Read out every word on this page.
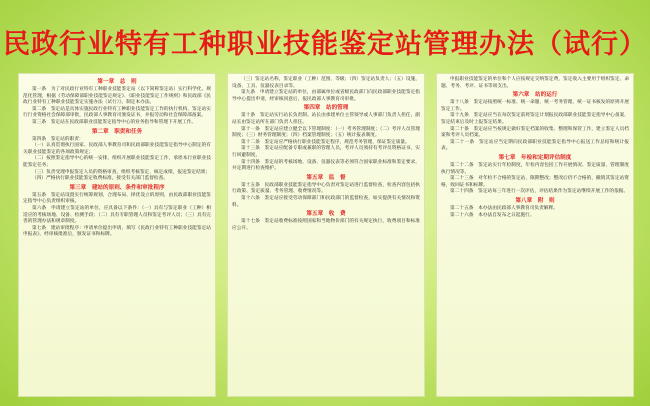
民政行业特有工种职业技能鉴定站管理办法（试行）
第一章　总　则
第一条　为了对民政行业特有工种职业技能鉴定站（以下简称鉴定站）实行科学化、规范化管理，根据《劳动保障部职业技能鉴定规定》、《职业技能鉴定工作规则》和民政部《民政行业特有工种职业技能鉴定实施办法（试行）》，制定本办法。
第二条　鉴定站是具体实施民政行业特有工种职业技能鉴定工作的执行机构，鉴定站实行行业资格社会保障部审批，民政部人事教育司颁发证书，并报劳动和社会保障部备案。
第三条　鉴定站在民政部职业技能鉴定指导中心的业务指导和管理下开展工作。
第二章　职责和任务
第四条　鉴定站的职责：
（一）认真贯彻执行国家、民政部人事教育司和民政部职业技能鉴定指导中心制定的有关职业技能鉴定的各项政策规定；
（二）按照鉴定指导中心的统一安排，组织开展职业技能鉴定工作，承担本行业职业技能鉴定任务；
（三）负责受理申报鉴定人员的资格审查，组织考核鉴定，核定成绩，报送鉴定结果；
（四）严格执行职业技能鉴定收费标准，接受有关部门监督检查。
第三章　建站的原则、条件和审批程序
第五条　鉴定站设置实行统筹规划、合理布局、择优设立的原则，由民政部职业技能鉴定指导中心负责组织审核。
第六条　申请建立鉴定站的单位，应具备以下条件：（一）具有与鉴定职业（工种）相适应的考核场地、设备、检测手段；（二）具有专职管理人员和鉴定考评人员；（三）具有完善的管理办法和规章制度。
第七条　建站审批程序：申请单位提出申请，填写《民政行业特有工种职业技能鉴定站申报表》，经审核批准后，颁发证书和标牌。
（三）鉴定站名称，鉴定职业（工种）范围、等级；（四）鉴定站负责人；（五）设施、设备、工具、仪器仪表目录等。
第九条　申请建立鉴定站的单位，由部属单位或省级民政部门向民政部职业技能鉴定指导中心提出申请，经审核同意后，报民政部人事教育司审批。
第四章　站的管理
第十条　鉴定站实行站长负责制。站长由承建单位主管领导或人事部门负责人担任，副站长由鉴定站所在部门负责人担任。
第十一条　鉴定站应建立健全以下管理制度：（一）考务管理制度；（二）考评人员管理制度；（三）财务管理制度；（四）档案管理制度；（五）统计报表制度。
第十二条　鉴定站应严格执行职业技能鉴定程序，规范考务管理，保证鉴定质量。
第十三条　鉴定站应配备专职或兼职的管理人员，考评人员须持有考评员资格证书，实行回避制度。
第十四条　鉴定站的考核场地、设备、仪器仪表等必须符合国家职业标准和鉴定要求，并定期进行检查维护。
第五章　监　督
第十五条　民政部职业技能鉴定指导中心负责对鉴定站进行监督检查，检查内容包括执行政策、鉴定质量、考务管理、收费情况等。
第十六条　鉴定站应接受劳动保障部门和民政部门的监督检查，如实提供有关情况和资料。
第五章　收　费
第十七条　鉴定站收费标准按照国家和当地物价部门的有关规定执行，收费项目和标准应公开。
申报职业技能鉴定的单位和个人应按规定交纳鉴定费，鉴定收入主要用于组织鉴定、命题、考务、考评、证书等项支出。
第六章　站的运行
第十八条　鉴定站按照统一标准、统一命题、统一考务管理、统一证书核发的原则开展鉴定工作。
第十九条　鉴定站应当在每次鉴定前将鉴定计划报民政部职业技能鉴定指导中心备案，鉴定结束后及时上报鉴定结果。
第二十条　鉴定站应当按规定做好鉴定档案的收集、整理和保管工作，建立鉴定人员档案和考评人员档案。
第二十一条　鉴定站应当定期向民政部职业技能鉴定指导中心报送工作总结和统计报表。
第七章　年检和定期评估制度
第二十二条　鉴定站实行年检制度，年检内容包括工作开展情况、鉴定质量、管理制度执行情况等。
第二十三条　对年检不合格的鉴定站，限期整改；整改后仍不合格的，撤销其鉴定站资格，收回证书和标牌。
第二十四条　鉴定站每三年进行一次评估，评估结果作为鉴定站继续开展工作的依据。
第八章　附　则
第二十五条　本办法由民政部人事教育司负责解释。
第二十六条　本办法自发布之日起施行。
